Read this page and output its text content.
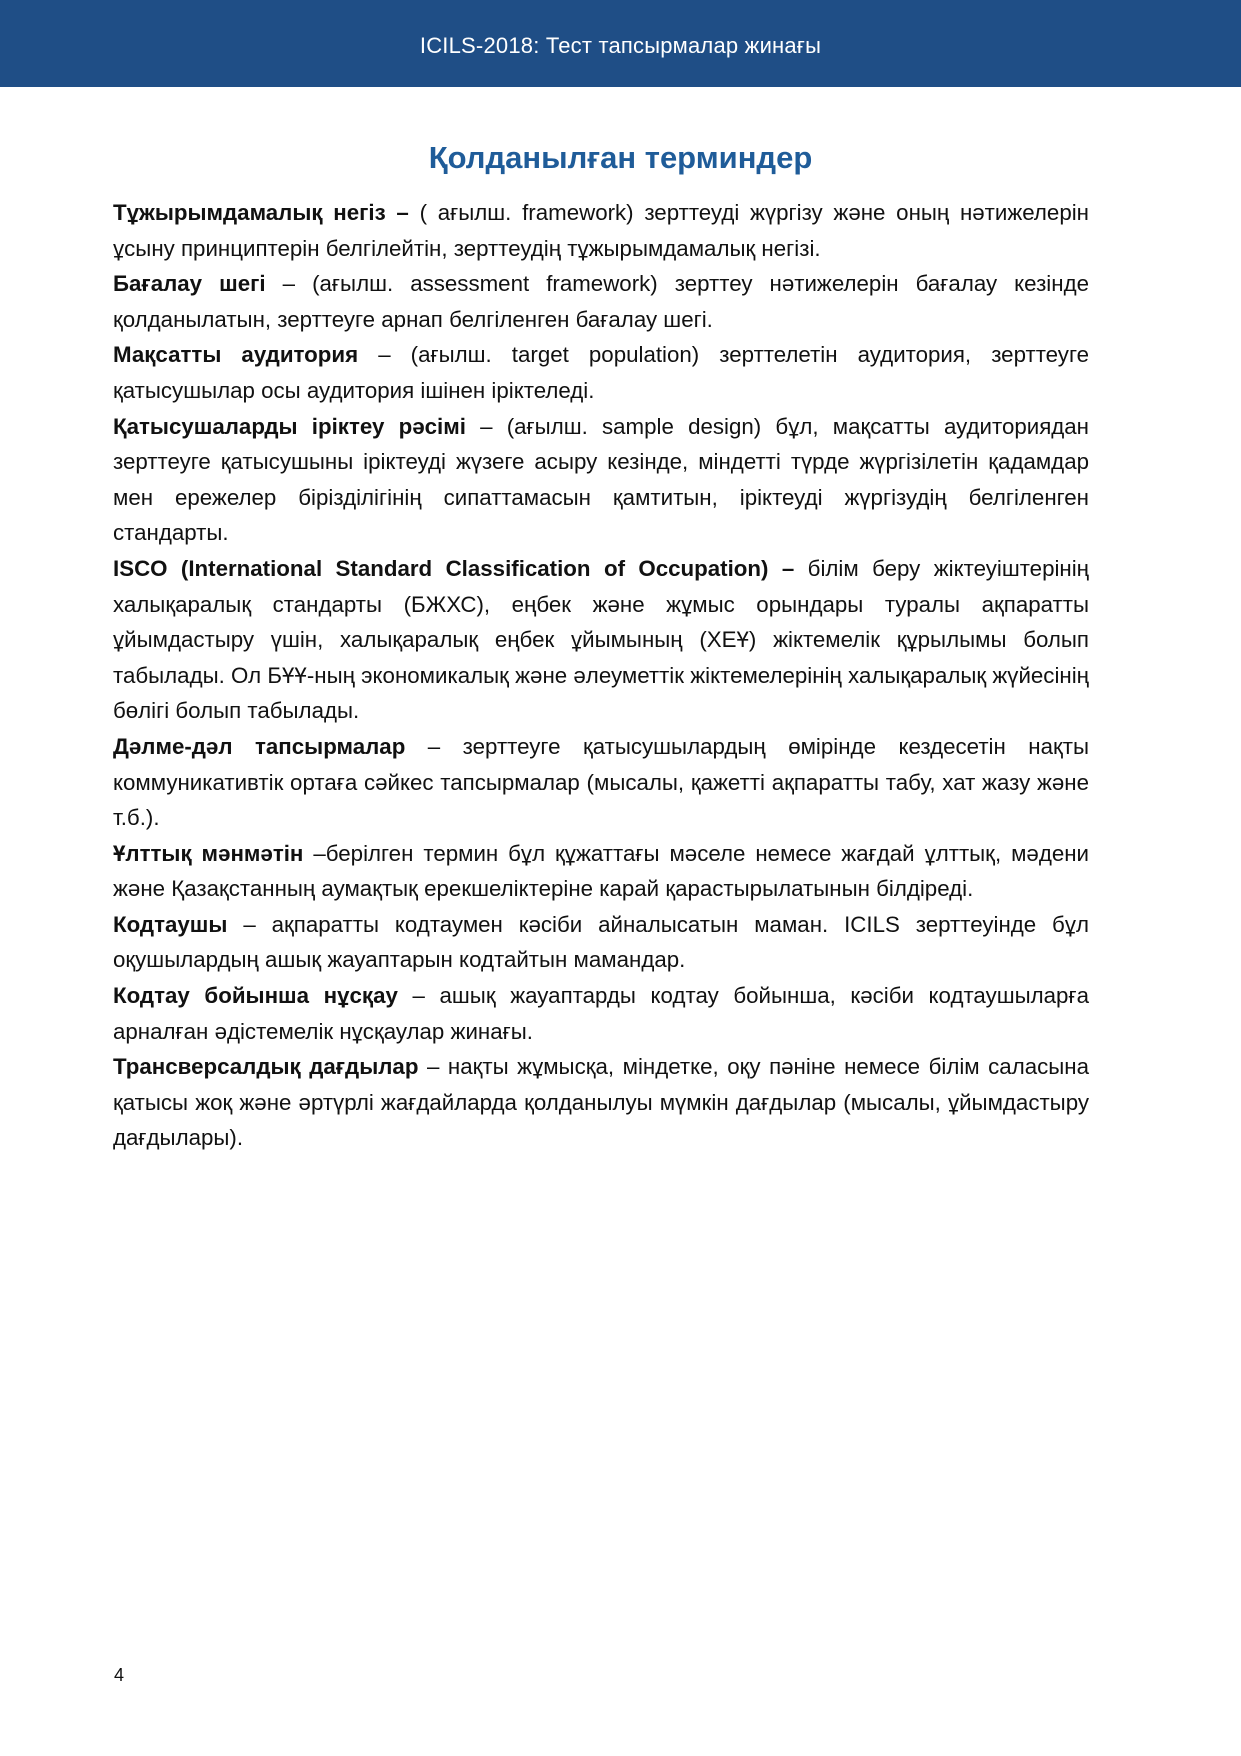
ICILS-2018: Тест тапсырмалар жинағы
Қолданылған терминдер

Тұжырымдамалық негіз – ( ағылш. framework) зерттеуді жүргізу және оның нәтижелерін ұсыну принциптерін белгілейтін, зерттеудің тұжырымдамалық негізі.

Бағалау шегі – (ағылш. assessment framework) зерттеу нәтижелерін бағалау кезінде қолданылатын, зерттеуге арнап белгіленген бағалау шегі.

Мақсатты аудитория – (ағылш. target population) зерттелетін аудитория, зерттеуге қатысушылар осы аудитория ішінен іріктеледі.

Қатысушаларды іріктеу рәсімі – (ағылш. sample design) бұл, мақсатты аудиториядан зерттеуге қатысушыны іріктеуді жүзеге асыру кезінде, міндетті түрде жүргізілетін қадамдар мен ережелер бірізділігінің сипаттамасын қамтитын, іріктеуді жүргізудің белгіленген стандарты.

ISCO (International Standard Classification of Occupation) – білім беру жіктеуіштерінің халықаралық стандарты (БЖХС), еңбек және жұмыс орындары туралы ақпаратты ұйымдастыру үшін, халықаралық еңбек ұйымының (ХЕҰ) жіктемелік құрылымы болып табылады. Ол БҰҰ-ның экономикалық және әлеуметтік жіктемелерінің халықаралық жүйесінің бөлігі болып табылады.

Дәлме-дәл тапсырмалар – зерттеуге қатысушылардың өмірінде кездесетін нақты коммуникативтік ортаға сәйкес тапсырмалар (мысалы, қажетті ақпаратты табу, хат жазу және т.б.).

Ұлттық мәнмәтін –берілген термин бұл құжаттағы мәселе немесе жағдай ұлттық, мәдени және Қазақстанның аумақтық ерекшеліктеріне карай қарастырылатынын білдіреді.

Кодтаушы – ақпаратты кодтаумен кәсіби айналысатын маман. ICILS зерттеуінде бұл оқушылардың ашық жауаптарын кодтайтын мамандар.

Кодтау бойынша нұсқау – ашық жауаптарды кодтау бойынша, кәсіби кодтаушыларға арналған әдістемелік нұсқаулар жинағы.

Трансверсалдық дағдылар – нақты жұмысқа, міндетке, оқу пәніне немесе білім саласына қатысы жоқ және әртүрлі жағдайларда қолданылуы мүмкін дағдылар (мысалы, ұйымдастыру дағдылары).

4
